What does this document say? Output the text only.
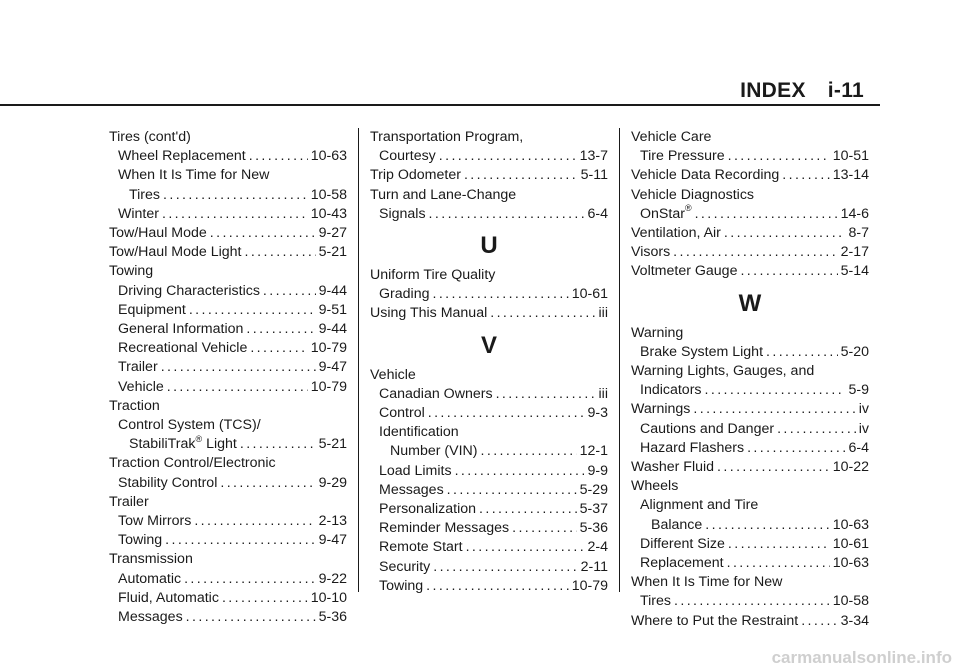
INDEX i-11
Tires (cont'd)
Wheel Replacement .....	10-63
When It Is Time for New
Tires .....	10-58
Winter .....	10-43
Tow/Haul Mode .....	9-27
Tow/Haul Mode Light .....	5-21
Towing
Driving Characteristics .....	9-44
Equipment .....	9-51
General Information .....	9-44
Recreational Vehicle .....	10-79
Trailer .....	9-47
Vehicle .....	10-79
Traction
Control System (TCS)/
StabiliTrak® Light .....	5-21
Traction Control/Electronic
Stability Control .....	9-29
Trailer
Tow Mirrors .....	2-13
Towing .....	9-47
Transmission
Automatic .....	9-22
Fluid, Automatic .....	10-10
Messages .....	5-36
Transportation Program,
Courtesy .....	13-7
Trip Odometer .....	5-11
Turn and Lane-Change
Signals .....	6-4
U
Uniform Tire Quality
Grading .....	10-61
Using This Manual .....	iii
V
Vehicle
Canadian Owners .....	iii
Control .....	9-3
Identification
Number (VIN) .....	12-1
Load Limits .....	9-9
Messages .....	5-29
Personalization .....	5-37
Reminder Messages .....	5-36
Remote Start .....	2-4
Security .....	2-11
Towing .....	10-79
Vehicle Care
Tire Pressure .....	10-51
Vehicle Data Recording .....	13-14
Vehicle Diagnostics
OnStar® .....	14-6
Ventilation, Air .....	8-7
Visors .....	2-17
Voltmeter Gauge .....	5-14
W
Warning
Brake System Light .....	5-20
Warning Lights, Gauges, and
Indicators .....	5-9
Warnings .....	iv
Cautions and Danger .....	iv
Hazard Flashers .....	6-4
Washer Fluid .....	10-22
Wheels
Alignment and Tire
Balance .....	10-63
Different Size .....	10-61
Replacement .....	10-63
When It Is Time for New
Tires .....	10-58
Where to Put the Restraint .....	3-34
carmanualsonline.info
